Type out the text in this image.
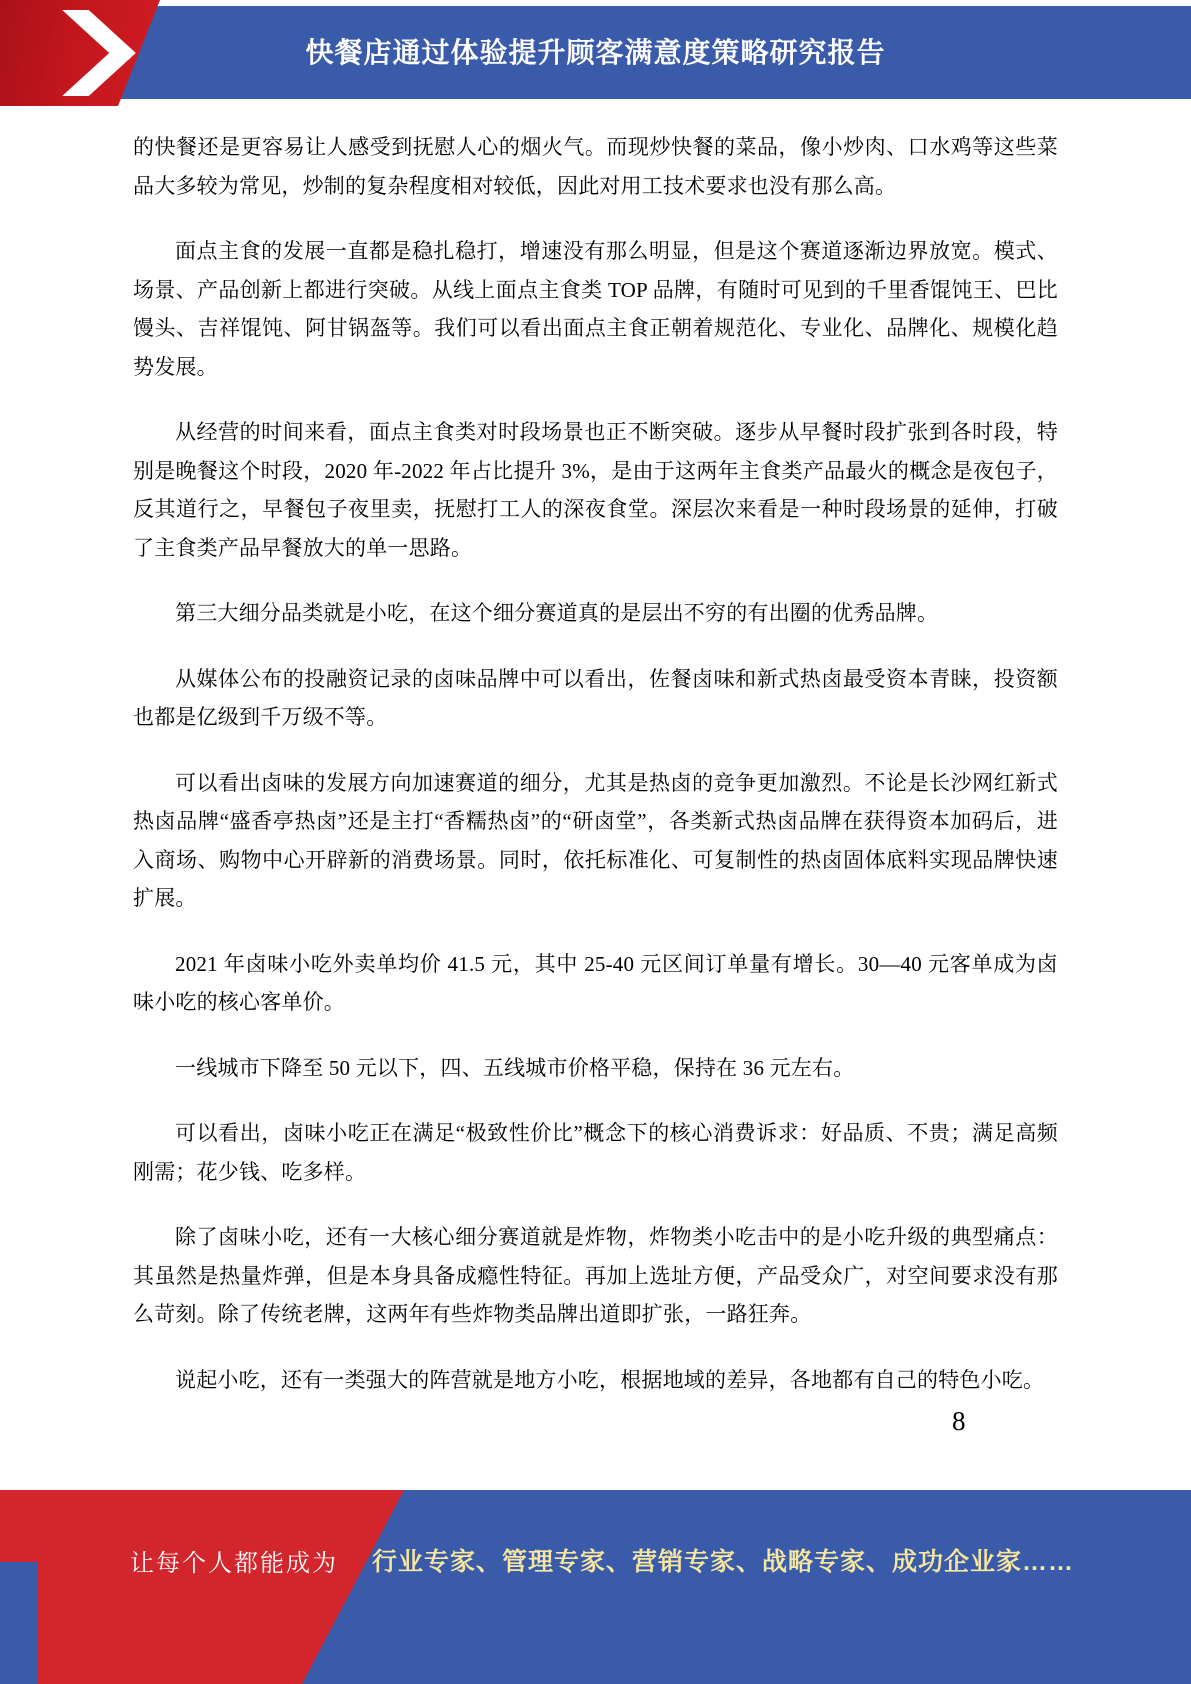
快餐店通过体验提升顾客满意度策略研究报告

的快餐还是更容易让人感受到抚慰人心的烟火气。而现炒快餐的菜品，像小炒肉、口水鸡等这些菜品大多较为常见，炒制的复杂程度相对较低，因此对用工技术要求也没有那么高。

面点主食的发展一直都是稳扎稳打，增速没有那么明显，但是这个赛道逐渐边界放宽。模式、场景、产品创新上都进行突破。从线上面点主食类 TOP 品牌，有随时可见到的千里香馄饨王、巴比馒头、吉祥馄饨、阿甘锅盔等。我们可以看出面点主食正朝着规范化、专业化、品牌化、规模化趋势发展。

从经营的时间来看，面点主食类对时段场景也正不断突破。逐步从早餐时段扩张到各时段，特别是晚餐这个时段，2020 年-2022 年占比提升 3%，是由于这两年主食类产品最火的概念是夜包子，反其道行之，早餐包子夜里卖，抚慰打工人的深夜食堂。深层次来看是一种时段场景的延伸，打破了主食类产品早餐放大的单一思路。

第三大细分品类就是小吃，在这个细分赛道真的是层出不穷的有出圈的优秀品牌。

从媒体公布的投融资记录的卤味品牌中可以看出，佐餐卤味和新式热卤最受资本青睐，投资额也都是亿级到千万级不等。

可以看出卤味的发展方向加速赛道的细分，尤其是热卤的竞争更加激烈。不论是长沙网红新式热卤品牌“盛香亭热卤”还是主打“香糯热卤”的“研卤堂”，各类新式热卤品牌在获得资本加码后，进入商场、购物中心开辟新的消费场景。同时，依托标准化、可复制性的热卤固体底料实现品牌快速扩展。

2021 年卤味小吃外卖单均价 41.5 元，其中 25-40 元区间订单量有增长。30—40 元客单成为卤味小吃的核心客单价。

一线城市下降至 50 元以下，四、五线城市价格平稳，保持在 36 元左右。

可以看出，卤味小吃正在满足“极致性价比”概念下的核心消费诉求：好品质、不贵；满足高频刚需；花少钱、吃多样。

除了卤味小吃，还有一大核心细分赛道就是炸物，炸物类小吃击中的是小吃升级的典型痛点：其虽然是热量炸弹，但是本身具备成瘾性特征。再加上选址方便，产品受众广，对空间要求没有那么苛刻。除了传统老牌，这两年有些炸物类品牌出道即扩张，一路狂奔。

说起小吃，还有一类强大的阵营就是地方小吃，根据地域的差异，各地都有自己的特色小吃。

8
让每个人都能成为 行业专家、管理专家、营销专家、战略专家、成功企业家……
